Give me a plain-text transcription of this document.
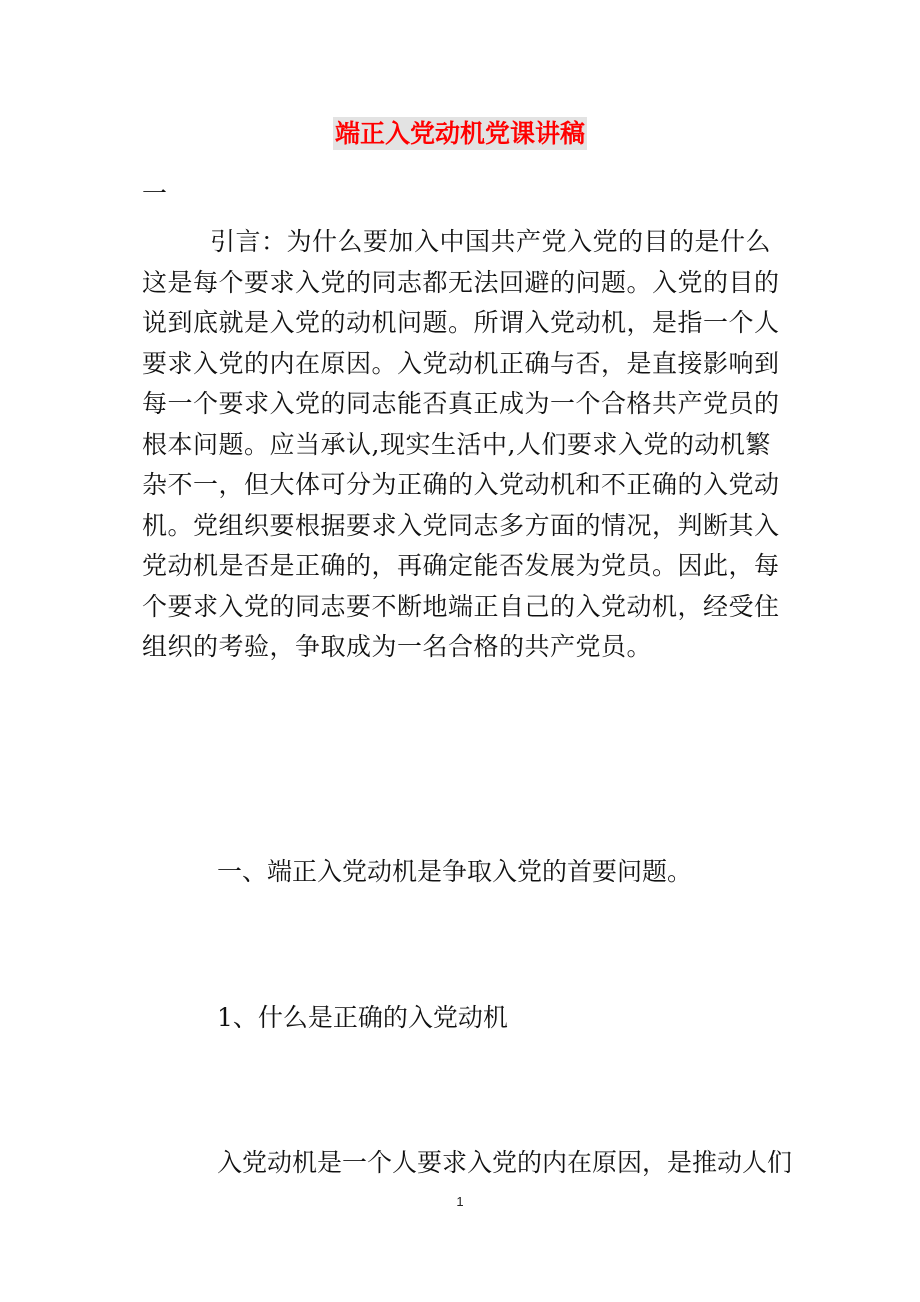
端正入党动机党课讲稿
一

引言：为什么要加入中国共产党入党的目的是什么这是每个要求入党的同志都无法回避的问题。入党的目的说到底就是入党的动机问题。所谓入党动机，是指一个人要求入党的内在原因。入党动机正确与否，是直接影响到每一个要求入党的同志能否真正成为一个合格共产党员的根本问题。应当承认,现实生活中,人们要求入党的动机繁杂不一，但大体可分为正确的入党动机和不正确的入党动机。党组织要根据要求入党同志多方面的情况，判断其入党动机是否是正确的，再确定能否发展为党员。因此，每个要求入党的同志要不断地端正自己的入党动机，经受住组织的考验，争取成为一名合格的共产党员。

一、端正入党动机是争取入党的首要问题。

1、什么是正确的入党动机

入党动机是一个人要求入党的内在原因，是推动人们

1
